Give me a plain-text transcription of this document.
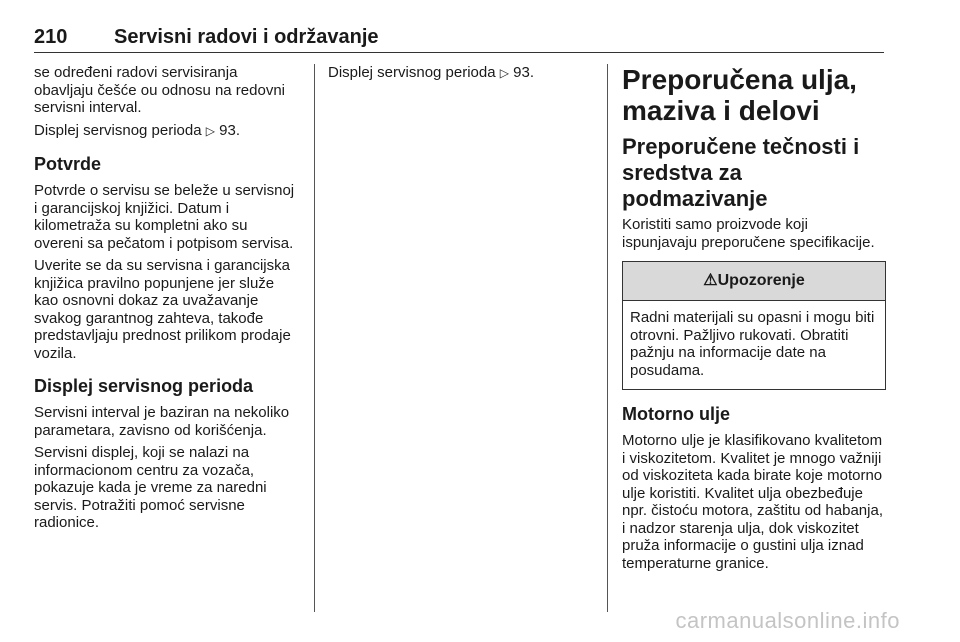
210 Servisni radovi i održavanje

se određeni radovi servisiranja obavljaju češće ou odnosu na redovni servisni interval.

Displej servisnog perioda ▷ 93.

Potvrde

Potvrde o servisu se beleže u servisnoj i garancijskoj knjižici. Datum i kilometraža su kompletni ako su overeni sa pečatom i potpisom servisa.

Uverite se da su servisna i garancijska knjižica pravilno popunjene jer služe kao osnovni dokaz za uvažavanje svakog garantnog zahteva, takođe predstavljaju prednost prilikom prodaje vozila.

Displej servisnog perioda

Servisni interval je baziran na nekoliko parametara, zavisno od korišćenja.

Servisni displej, koji se nalazi na informacionom centru za vozača, pokazuje kada je vreme za naredni servis. Potražiti pomoć servisne radionice.

Displej servisnog perioda ▷ 93.	Preporučena ulja, maziva i delovi
Preporučene tečnosti i sredstva za podmazivanje

Koristiti samo proizvode koji ispunjavaju preporučene specifikacije.

⚠Upozorenje
Radni materijali su opasni i mogu biti otrovni. Pažljivo rukovati. Obratiti pažnju na informacije date na posudama.
Motorno ulje

Motorno ulje je klasifikovano kvalitetom i viskozitetom. Kvalitet je mnogo važniji od viskoziteta kada birate koje motorno ulje koristiti. Kvalitet ulja obezbeđuje npr. čistoću motora, zaštitu od habanja, i nadzor starenja ulja, dok viskozitet pruža informacije o gustini ulja iznad temperaturne granice.

carmanualsonline.info
